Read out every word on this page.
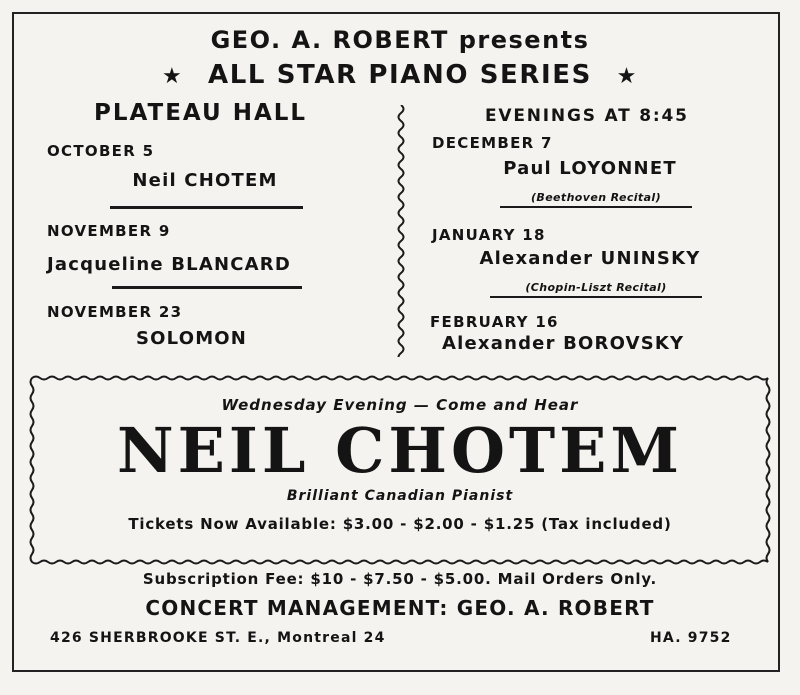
GEO. A. ROBERT presents
★ ALL STAR PIANO SERIES ★
PLATEAU HALL
OCTOBER 5
Neil CHOTEM
NOVEMBER 9
Jacqueline BLANCARD
NOVEMBER 23
SOLOMON
EVENINGS AT 8:45
DECEMBER 7
Paul LOYONNET
(Beethoven Recital)
JANUARY 18
Alexander UNINSKY
(Chopin-Liszt Recital)
FEBRUARY 16
Alexander BOROVSKY
Wednesday Evening — Come and Hear
NEIL CHOTEM
Brilliant Canadian Pianist
Tickets Now Available: $3.00 - $2.00 - $1.25 (Tax included)
Subscription Fee: $10 - $7.50 - $5.00. Mail Orders Only.
CONCERT MANAGEMENT: GEO. A. ROBERT
426 SHERBROOKE ST. E., Montreal 24	HA. 9752
